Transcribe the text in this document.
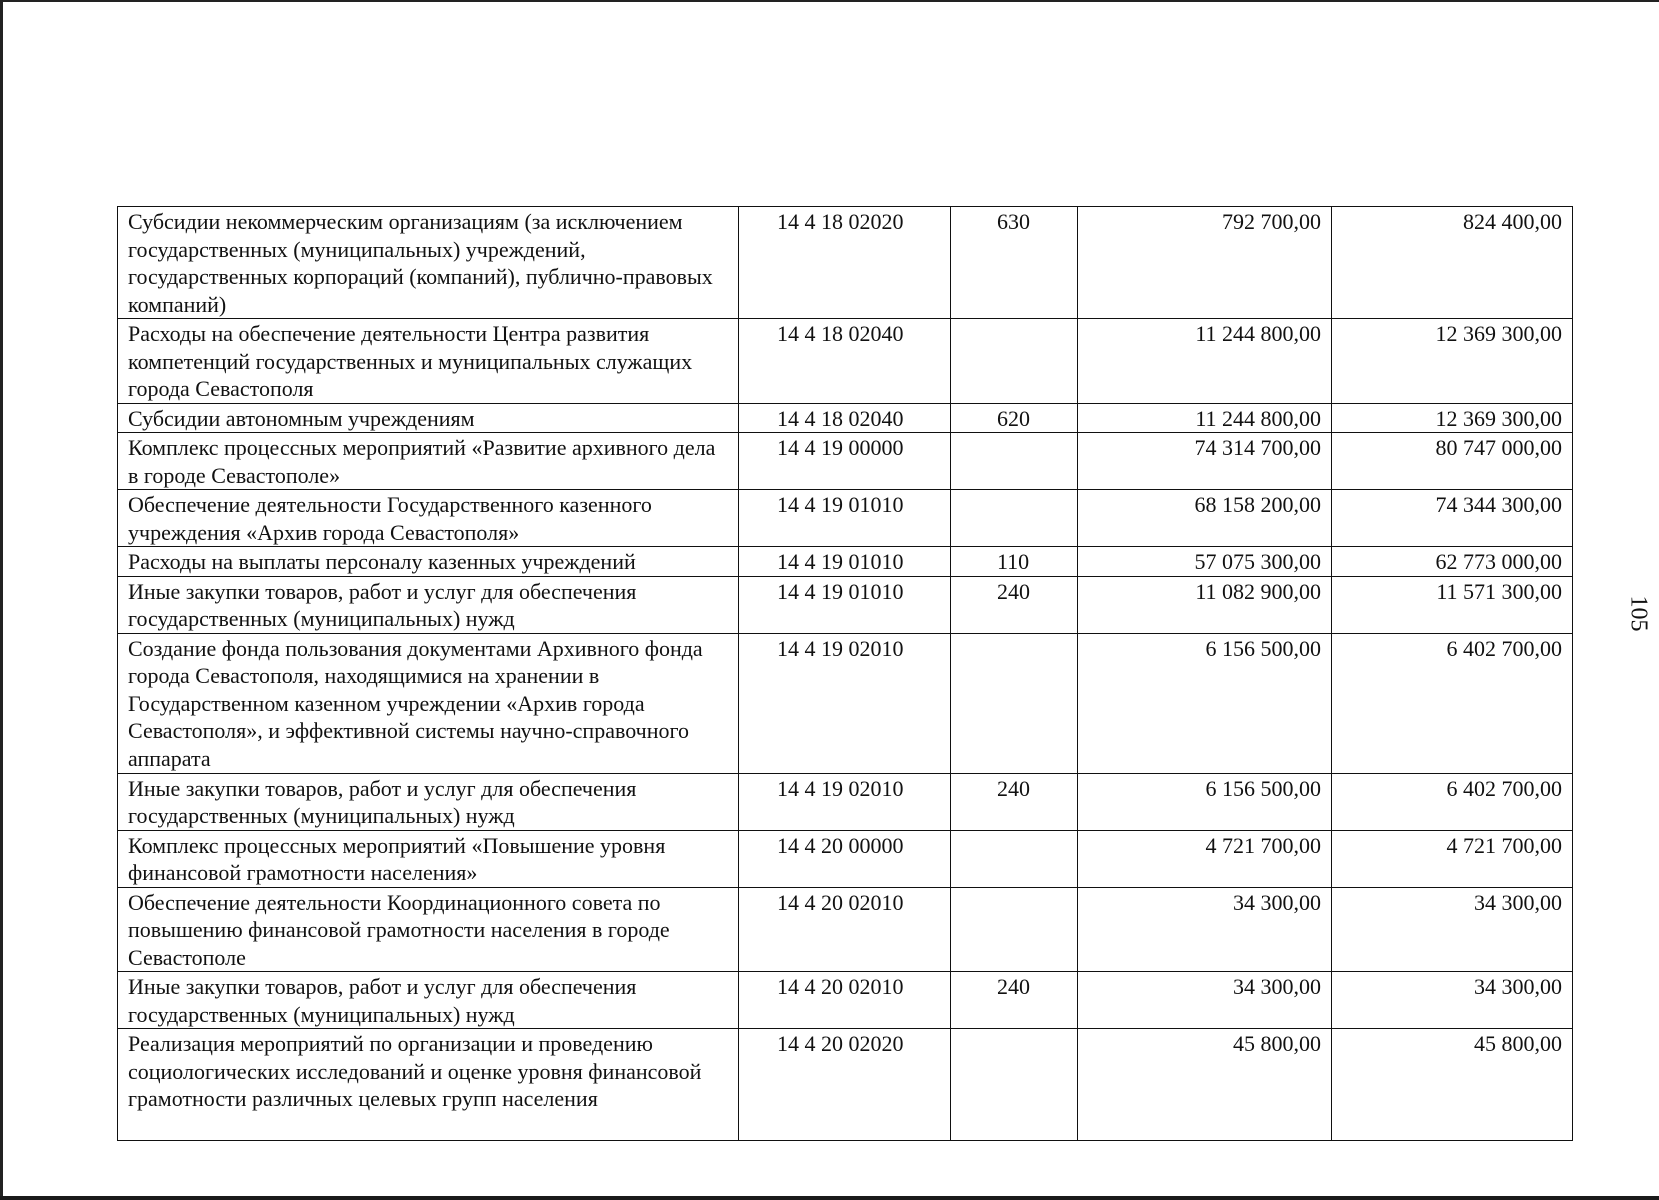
Субсидии некоммерческим организациям (за исключением государственных (муниципальных) учреждений, государственных корпораций (компаний), публично-правовых компаний)	14 4 18 02020	630	792 700,00	824 400,00
Расходы на обеспечение деятельности Центра развития компетенций государственных и муниципальных служащих города Севастополя	14 4 18 02040		11 244 800,00	12 369 300,00
Субсидии автономным учреждениям	14 4 18 02040	620	11 244 800,00	12 369 300,00
Комплекс процессных мероприятий «Развитие архивного дела в городе Севастополе»	14 4 19 00000		74 314 700,00	80 747 000,00
Обеспечение деятельности Государственного казенного учреждения «Архив города Севастополя»	14 4 19 01010		68 158 200,00	74 344 300,00
Расходы на выплаты персоналу казенных учреждений	14 4 19 01010	110	57 075 300,00	62 773 000,00
Иные закупки товаров, работ и услуг для обеспечения государственных (муниципальных) нужд	14 4 19 01010	240	11 082 900,00	11 571 300,00
Создание фонда пользования документами Архивного фонда города Севастополя, находящимися на хранении в Государственном казенном учреждении «Архив города Севастополя», и эффективной системы научно-справочного аппарата	14 4 19 02010		6 156 500,00	6 402 700,00
Иные закупки товаров, работ и услуг для обеспечения государственных (муниципальных) нужд	14 4 19 02010	240	6 156 500,00	6 402 700,00
Комплекс процессных мероприятий «Повышение уровня финансовой грамотности населения»	14 4 20 00000		4 721 700,00	4 721 700,00
Обеспечение деятельности Координационного совета по повышению финансовой грамотности населения в городе Севастополе	14 4 20 02010		34 300,00	34 300,00
Иные закупки товаров, работ и услуг для обеспечения государственных (муниципальных) нужд	14 4 20 02010	240	34 300,00	34 300,00
Реализация мероприятий по организации и проведению социологических исследований и оценке уровня финансовой грамотности различных целевых групп населения	14 4 20 02020		45 800,00	45 800,00
105
